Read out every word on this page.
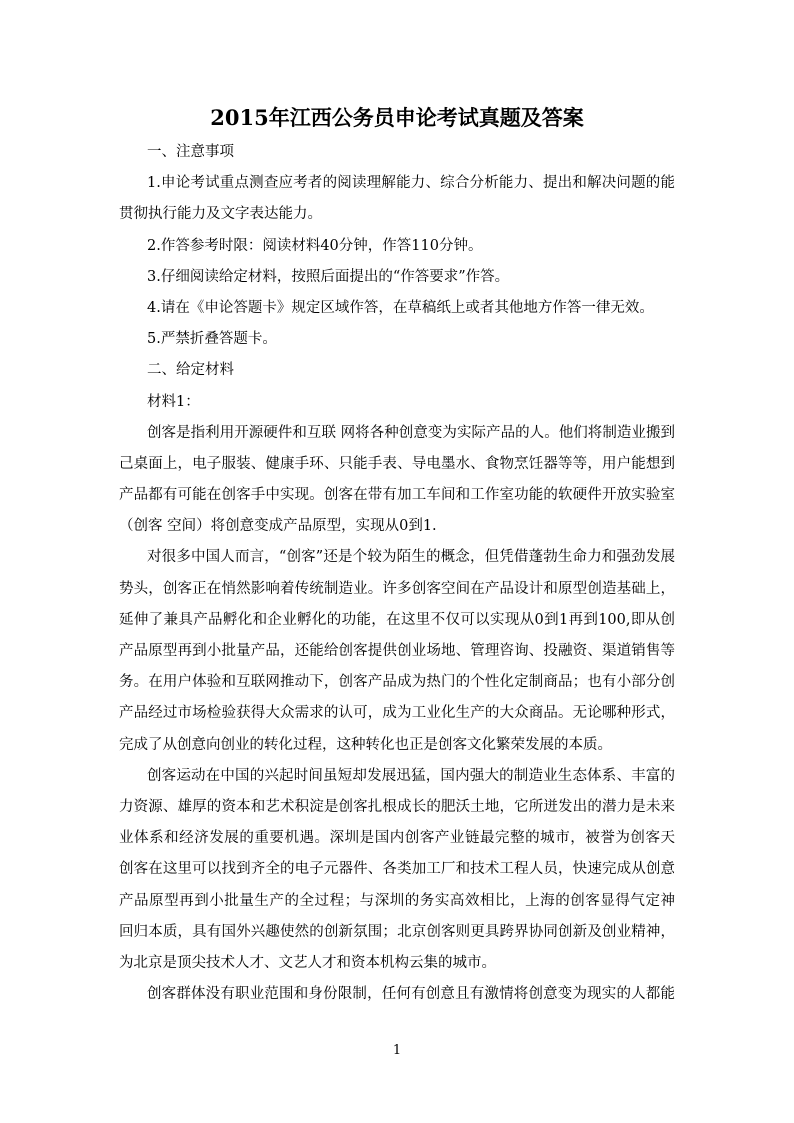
2015年江西公务员申论考试真题及答案
一、注意事项
1.申论考试重点测查应考者的阅读理解能力、综合分析能力、提出和解决问题的能
贯彻执行能力及文字表达能力。
2.作答参考时限：阅读材料40分钟，作答110分钟。
3.仔细阅读给定材料，按照后面提出的“作答要求”作答。
4.请在《申论答题卡》规定区域作答，在草稿纸上或者其他地方作答一律无效。
5.严禁折叠答题卡。
二、给定材料
材料1：
创客是指利用开源硬件和互联 网将各种创意变为实际产品的人。他们将制造业搬到
己桌面上，电子服装、健康手环、只能手表、导电墨水、食物烹饪器等等，用户能想到
产品都有可能在创客手中实现。创客在带有加工车间和工作室功能的软硬件开放实验室
（创客 空间）将创意变成产品原型，实现从0到1.
对很多中国人而言，“创客”还是个较为陌生的概念，但凭借蓬勃生命力和强劲发展
势头，创客正在悄然影响着传统制造业。许多创客空间在产品设计和原型创造基础上，
延伸了兼具产品孵化和企业孵化的功能，在这里不仅可以实现从0到1再到100,即从创
产品原型再到小批量产品，还能给创客提供创业场地、管理咨询、投融资、渠道销售等
务。在用户体验和互联网推动下，创客产品成为热门的个性化定制商品；也有小部分创
产品经过市场检验获得大众需求的认可，成为工业化生产的大众商品。无论哪种形式，
完成了从创意向创业的转化过程，这种转化也正是创客文化繁荣发展的本质。
创客运动在中国的兴起时间虽短却发展迅猛，国内强大的制造业生态体系、丰富的
力资源、雄厚的资本和艺术积淀是创客扎根成长的肥沃土地，它所迸发出的潜力是未来
业体系和经济发展的重要机遇。深圳是国内创客产业链最完整的城市，被誉为创客天
创客在这里可以找到齐全的电子元器件、各类加工厂和技术工程人员，快速完成从创意
产品原型再到小批量生产的全过程；与深圳的务实高效相比，上海的创客显得气定神
回归本质，具有国外兴趣使然的创新氛围；北京创客则更具跨界协同创新及创业精神，
为北京是顶尖技术人才、文艺人才和资本机构云集的城市。
创客群体没有职业范围和身份限制，任何有创意且有激情将创意变为现实的人都能
1
